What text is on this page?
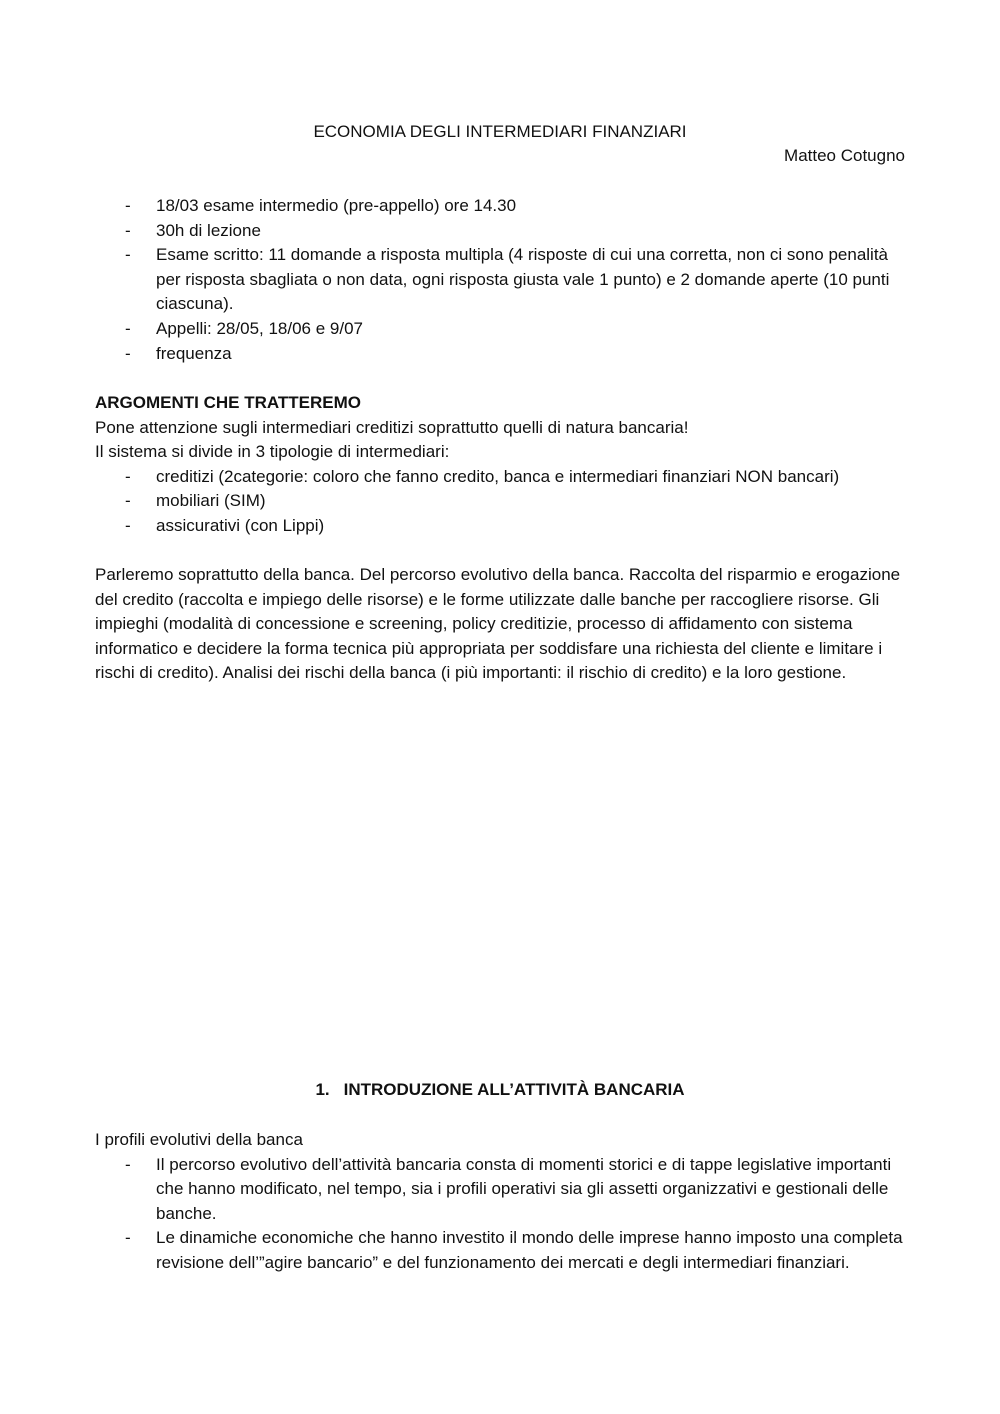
ECONOMIA DEGLI INTERMEDIARI FINANZIARI
Matteo Cotugno
- 18/03 esame intermedio (pre-appello) ore 14.30
- 30h di lezione
- Esame scritto: 11 domande a risposta multipla (4 risposte di cui una corretta, non ci sono penalità per risposta sbagliata o non data, ogni risposta giusta vale 1 punto) e 2 domande aperte (10 punti ciascuna).
- Appelli: 28/05, 18/06 e 9/07
- frequenza

ARGOMENTI CHE TRATTEREMO

Pone attenzione sugli intermediari creditizi soprattutto quelli di natura bancaria!

Il sistema si divide in 3 tipologie di intermediari:

- creditizi (2categorie: coloro che fanno credito, banca e intermediari finanziari NON bancari)
- mobiliari (SIM)
- assicurativi (con Lippi)

Parleremo soprattutto della banca. Del percorso evolutivo della banca. Raccolta del risparmio e erogazione del credito (raccolta e impiego delle risorse) e le forme utilizzate dalle banche per raccogliere risorse. Gli impieghi (modalità di concessione e screening, policy creditizie, processo di affidamento con sistema informatico e decidere la forma tecnica più appropriata per soddisfare una richiesta del cliente e limitare i rischi di credito). Analisi dei rischi della banca (i più importanti: il rischio di credito) e la loro gestione.

1. INTRODUZIONE ALL’ATTIVITÀ BANCARIA

I profili evolutivi della banca

- Il percorso evolutivo dell’attività bancaria consta di momenti storici e di tappe legislative importanti che hanno modificato, nel tempo, sia i profili operativi sia gli assetti organizzativi e gestionali delle banche.
- Le dinamiche economiche che hanno investito il mondo delle imprese hanno imposto una completa revisione dell’”agire bancario” e del funzionamento dei mercati e degli intermediari finanziari.
